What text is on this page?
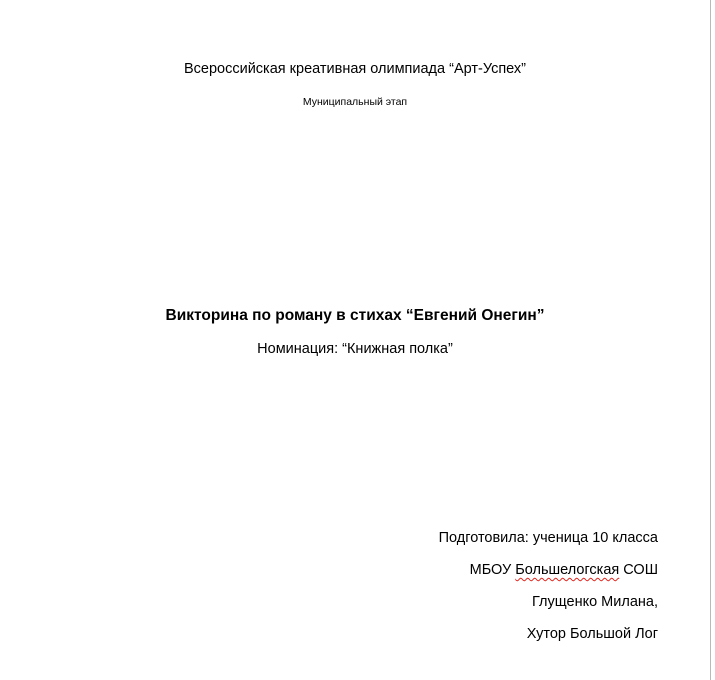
Всероссийская креативная олимпиада “Арт-Успех”
Муниципальный этап
Викторина по роману в стихах “Евгений Онегин”
Номинация: “Книжная полка”
Подготовила: ученица 10 класса
МБОУ Большелогская СОШ
Глущенко Милана,
Хутор Большой Лог
